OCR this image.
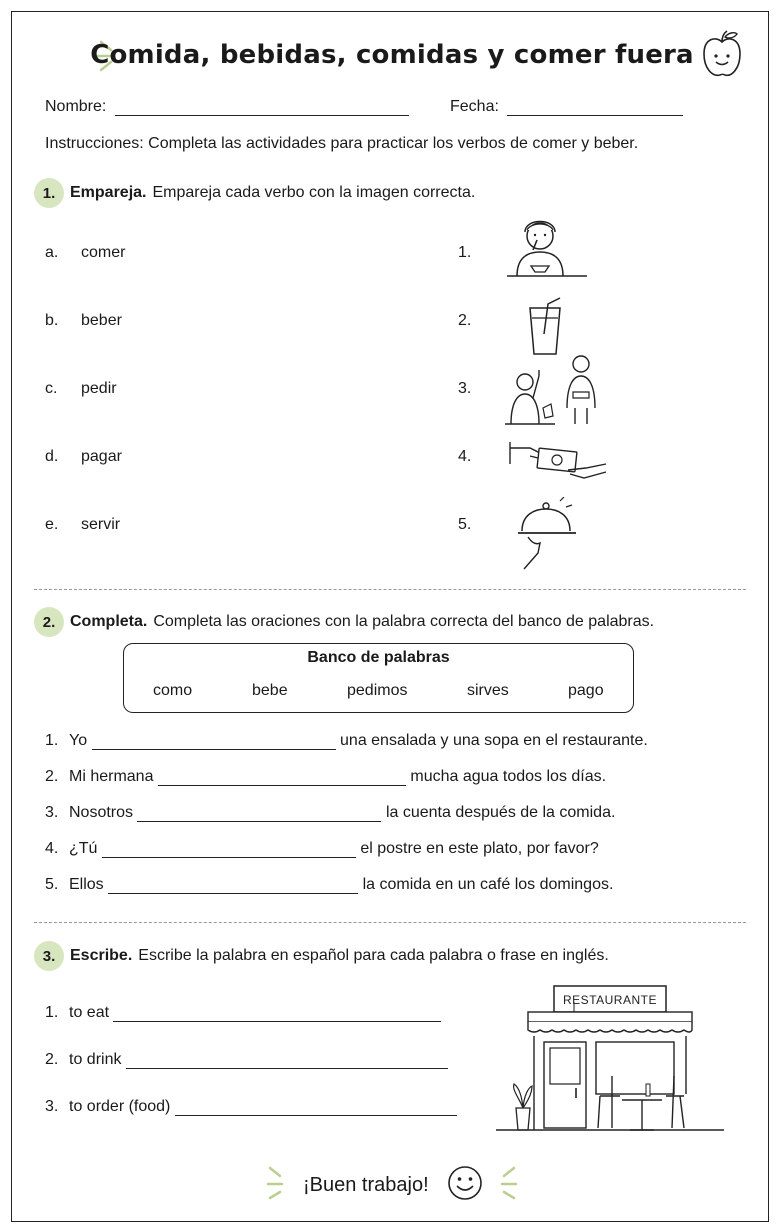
Comida, bebidas, comidas y comer fuera
Nombre:	Fecha:
Instrucciones: Completa las actividades para practicar los verbos de comer y beber.
1. Empareja. Empareja cada verbo con la imagen correcta.
a. comer
b. beber
c. pedir
d. pagar
e. servir
1.
2.
3.
4.
5.
2. Completa. Completa las oraciones con la palabra correcta del banco de palabras.
Banco de palabras
como	bebe	pedimos	sirves	pago
1. Yo	una ensalada y una sopa en el restaurante.
2. Mi hermana	mucha agua todos los días.
3. Nosotros	la cuenta después de la comida.
4. ¿Tú	el postre en este plato, por favor?
5. Ellos	la comida en un café los domingos.
3. Escribe. Escribe la palabra en español para cada palabra o frase en inglés.
1. to eat
2. to drink
3. to order (food)
RESTAURANTE
¡Buen trabajo!
